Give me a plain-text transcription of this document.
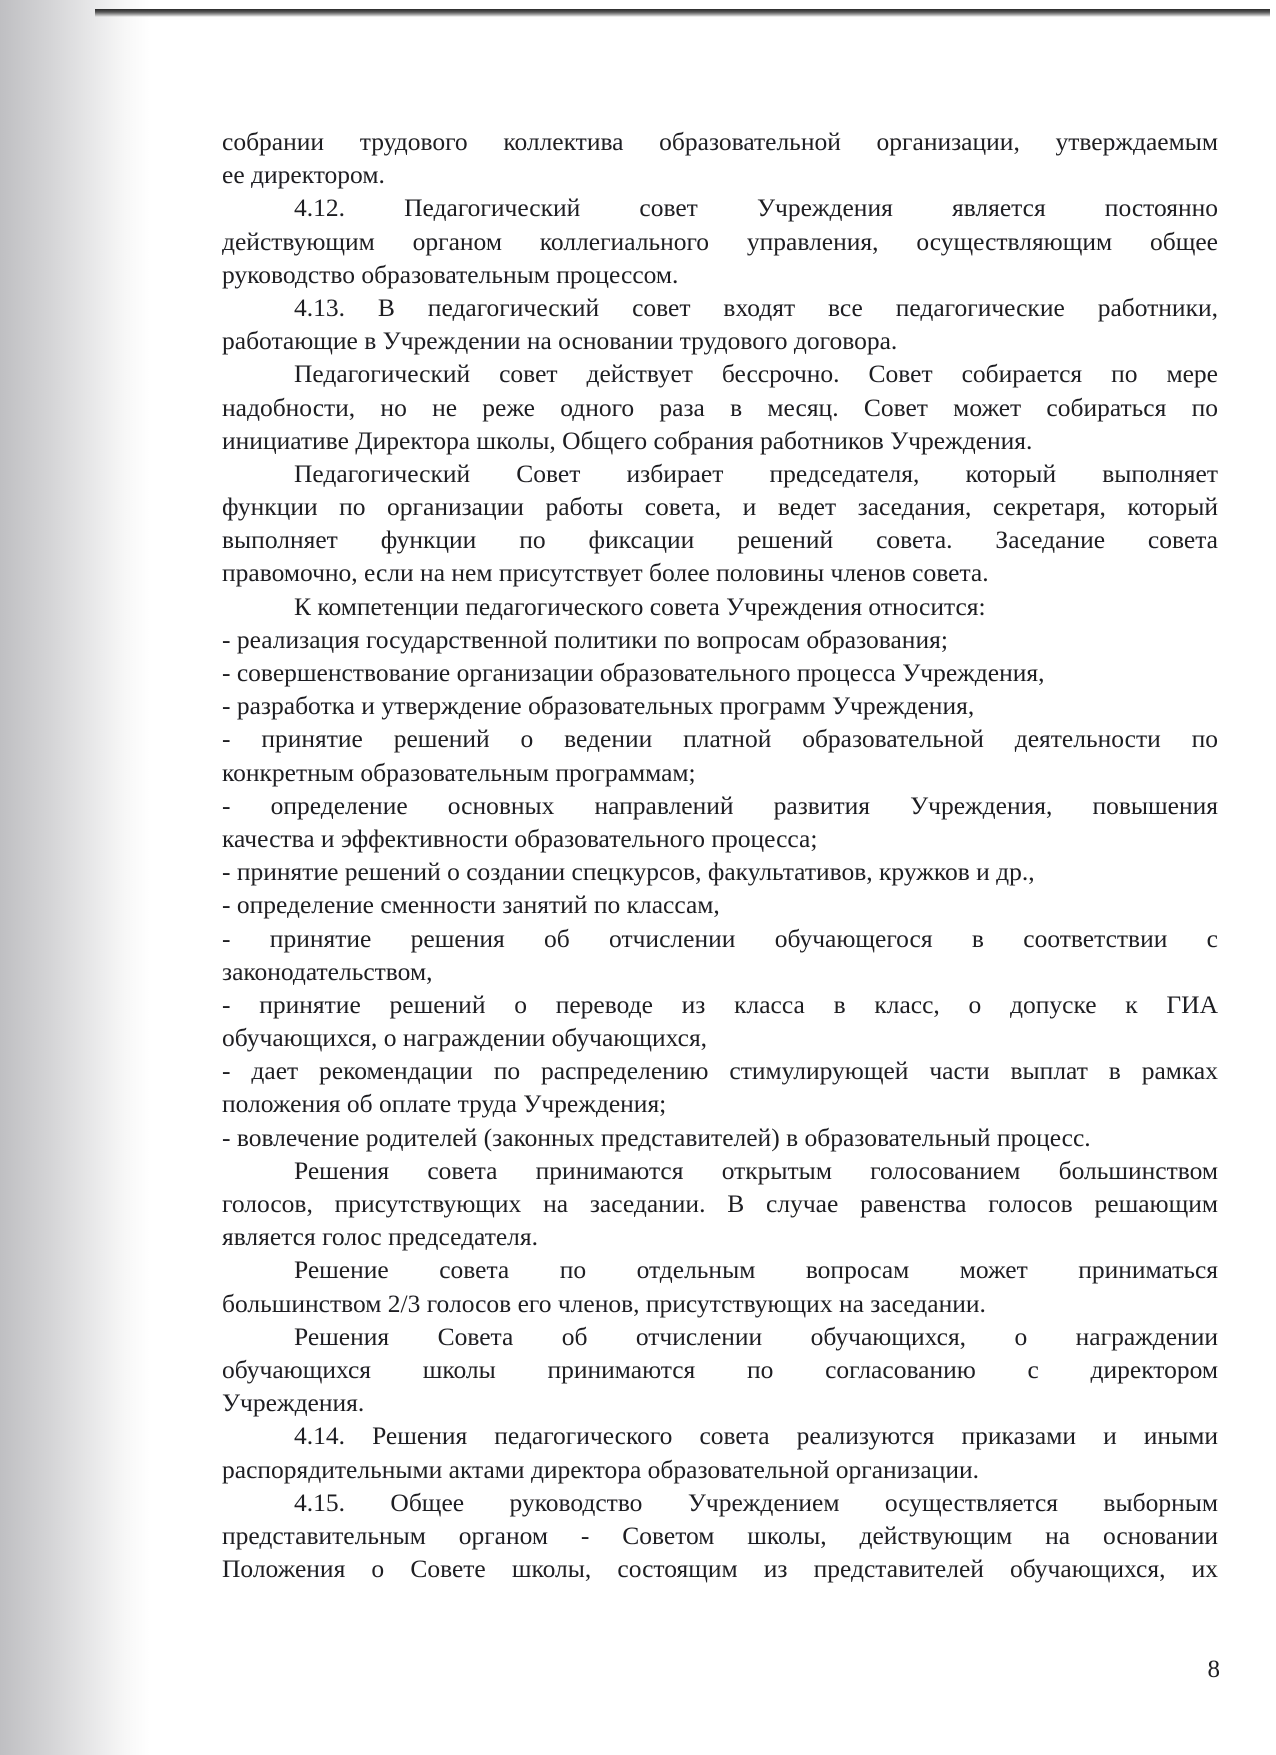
собрании трудового коллектива образовательной организации, утверждаемым
ее директором.
4.12. Педагогический совет Учреждения является постоянно
действующим органом коллегиального управления, осуществляющим общее
руководство образовательным процессом.
4.13. В педагогический совет входят все педагогические работники,
работающие в Учреждении на основании трудового договора.
Педагогический совет действует бессрочно. Совет собирается по мере
надобности, но не реже одного раза в месяц. Совет может собираться по
инициативе Директора школы, Общего собрания работников Учреждения.
Педагогический Совет избирает председателя, который выполняет
функции по организации работы совета, и ведет заседания, секретаря, который
выполняет функции по фиксации решений совета. Заседание совета
правомочно, если на нем присутствует более половины членов совета.
К компетенции педагогического совета Учреждения относится:
- реализация государственной политики по вопросам образования;
- совершенствование организации образовательного процесса Учреждения,
- разработка и утверждение образовательных программ Учреждения,
- принятие решений о ведении платной образовательной деятельности по
конкретным образовательным программам;
- определение основных направлений развития Учреждения, повышения
качества и эффективности образовательного процесса;
- принятие решений о создании спецкурсов, факультативов, кружков и др.,
- определение сменности занятий по классам,
- принятие решения об отчислении обучающегося в соответствии с
законодательством,
- принятие решений о переводе из класса в класс, о допуске к ГИА
обучающихся, о награждении обучающихся,
- дает рекомендации по распределению стимулирующей части выплат в рамках
положения об оплате труда Учреждения;
- вовлечение родителей (законных представителей) в образовательный процесс.
Решения совета принимаются открытым голосованием большинством
голосов, присутствующих на заседании. В случае равенства голосов решающим
является голос председателя.
Решение совета по отдельным вопросам может приниматься
большинством 2/3 голосов его членов, присутствующих на заседании.
Решения Совета об отчислении обучающихся, о награждении
обучающихся школы принимаются по согласованию с директором
Учреждения.
4.14. Решения педагогического совета реализуются приказами и иными
распорядительными актами директора образовательной организации.
4.15. Общее руководство Учреждением осуществляется выборным
представительным органом - Советом школы, действующим на основании
Положения о Совете школы, состоящим из представителей обучающихся, их
8
